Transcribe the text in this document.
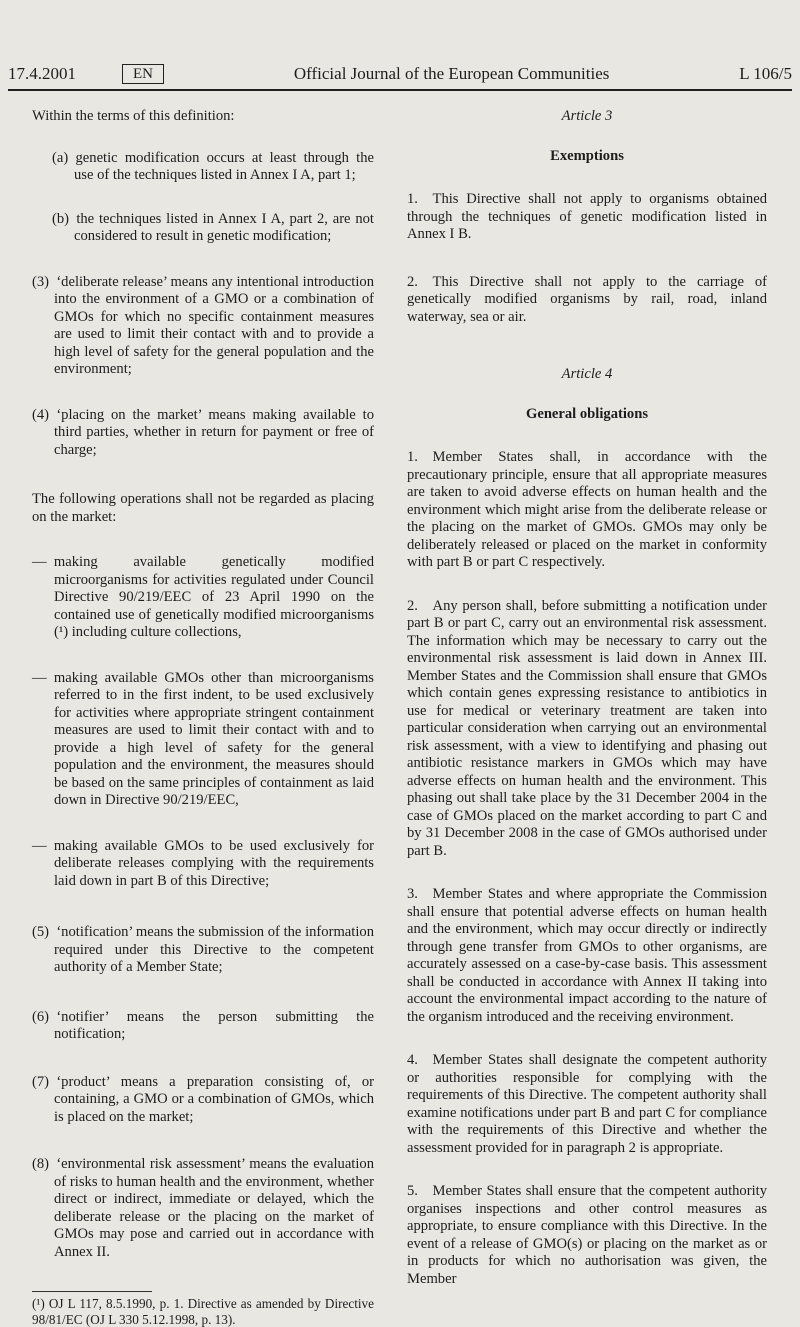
17.4.2001	EN	Official Journal of the European Communities	L 106/5

Within the terms of this definition:

(a) genetic modification occurs at least through the use of the techniques listed in Annex I A, part 1;

(b) the techniques listed in Annex I A, part 2, are not considered to result in genetic modification;

(3) ‘deliberate release’ means any intentional introduction into the environment of a GMO or a combination of GMOs for which no specific containment measures are used to limit their contact with and to provide a high level of safety for the general population and the environment;

(4) ‘placing on the market’ means making available to third parties, whether in return for payment or free of charge;

The following operations shall not be regarded as placing on the market:

— making available genetically modified microorganisms for activities regulated under Council Directive 90/219/EEC of 23 April 1990 on the contained use of genetically modified microorganisms (¹) including culture collections,

— making available GMOs other than microorganisms referred to in the first indent, to be used exclusively for activities where appropriate stringent containment measures are used to limit their contact with and to provide a high level of safety for the general population and the environment, the measures should be based on the same principles of containment as laid down in Directive 90/219/EEC,

— making available GMOs to be used exclusively for deliberate releases complying with the requirements laid down in part B of this Directive;

(5) ‘notification’ means the submission of the information required under this Directive to the competent authority of a Member State;

(6) ‘notifier’ means the person submitting the notification;

(7) ‘product’ means a preparation consisting of, or containing, a GMO or a combination of GMOs, which is placed on the market;

(8) ‘environmental risk assessment’ means the evaluation of risks to human health and the environment, whether direct or indirect, immediate or delayed, which the deliberate release or the placing on the market of GMOs may pose and carried out in accordance with Annex II.

(¹) OJ L 117, 8.5.1990, p. 1. Directive as amended by Directive 98/81/EC (OJ L 330 5.12.1998, p. 13).

Article 3

Exemptions

1. This Directive shall not apply to organisms obtained through the techniques of genetic modification listed in Annex I B.

2. This Directive shall not apply to the carriage of genetically modified organisms by rail, road, inland waterway, sea or air.

Article 4

General obligations

1. Member States shall, in accordance with the precautionary principle, ensure that all appropriate measures are taken to avoid adverse effects on human health and the environment which might arise from the deliberate release or the placing on the market of GMOs. GMOs may only be deliberately released or placed on the market in conformity with part B or part C respectively.

2. Any person shall, before submitting a notification under part B or part C, carry out an environmental risk assessment. The information which may be necessary to carry out the environmental risk assessment is laid down in Annex III. Member States and the Commission shall ensure that GMOs which contain genes expressing resistance to antibiotics in use for medical or veterinary treatment are taken into particular consideration when carrying out an environmental risk assessment, with a view to identifying and phasing out antibiotic resistance markers in GMOs which may have adverse effects on human health and the environment. This phasing out shall take place by the 31 December 2004 in the case of GMOs placed on the market according to part C and by 31 December 2008 in the case of GMOs authorised under part B.

3. Member States and where appropriate the Commission shall ensure that potential adverse effects on human health and the environment, which may occur directly or indirectly through gene transfer from GMOs to other organisms, are accurately assessed on a case-by-case basis. This assessment shall be conducted in accordance with Annex II taking into account the environmental impact according to the nature of the organism introduced and the receiving environment.

4. Member States shall designate the competent authority or authorities responsible for complying with the requirements of this Directive. The competent authority shall examine notifications under part B and part C for compliance with the requirements of this Directive and whether the assessment provided for in paragraph 2 is appropriate.

5. Member States shall ensure that the competent authority organises inspections and other control measures as appropriate, to ensure compliance with this Directive. In the event of a release of GMO(s) or placing on the market as or in products for which no authorisation was given, the Member
